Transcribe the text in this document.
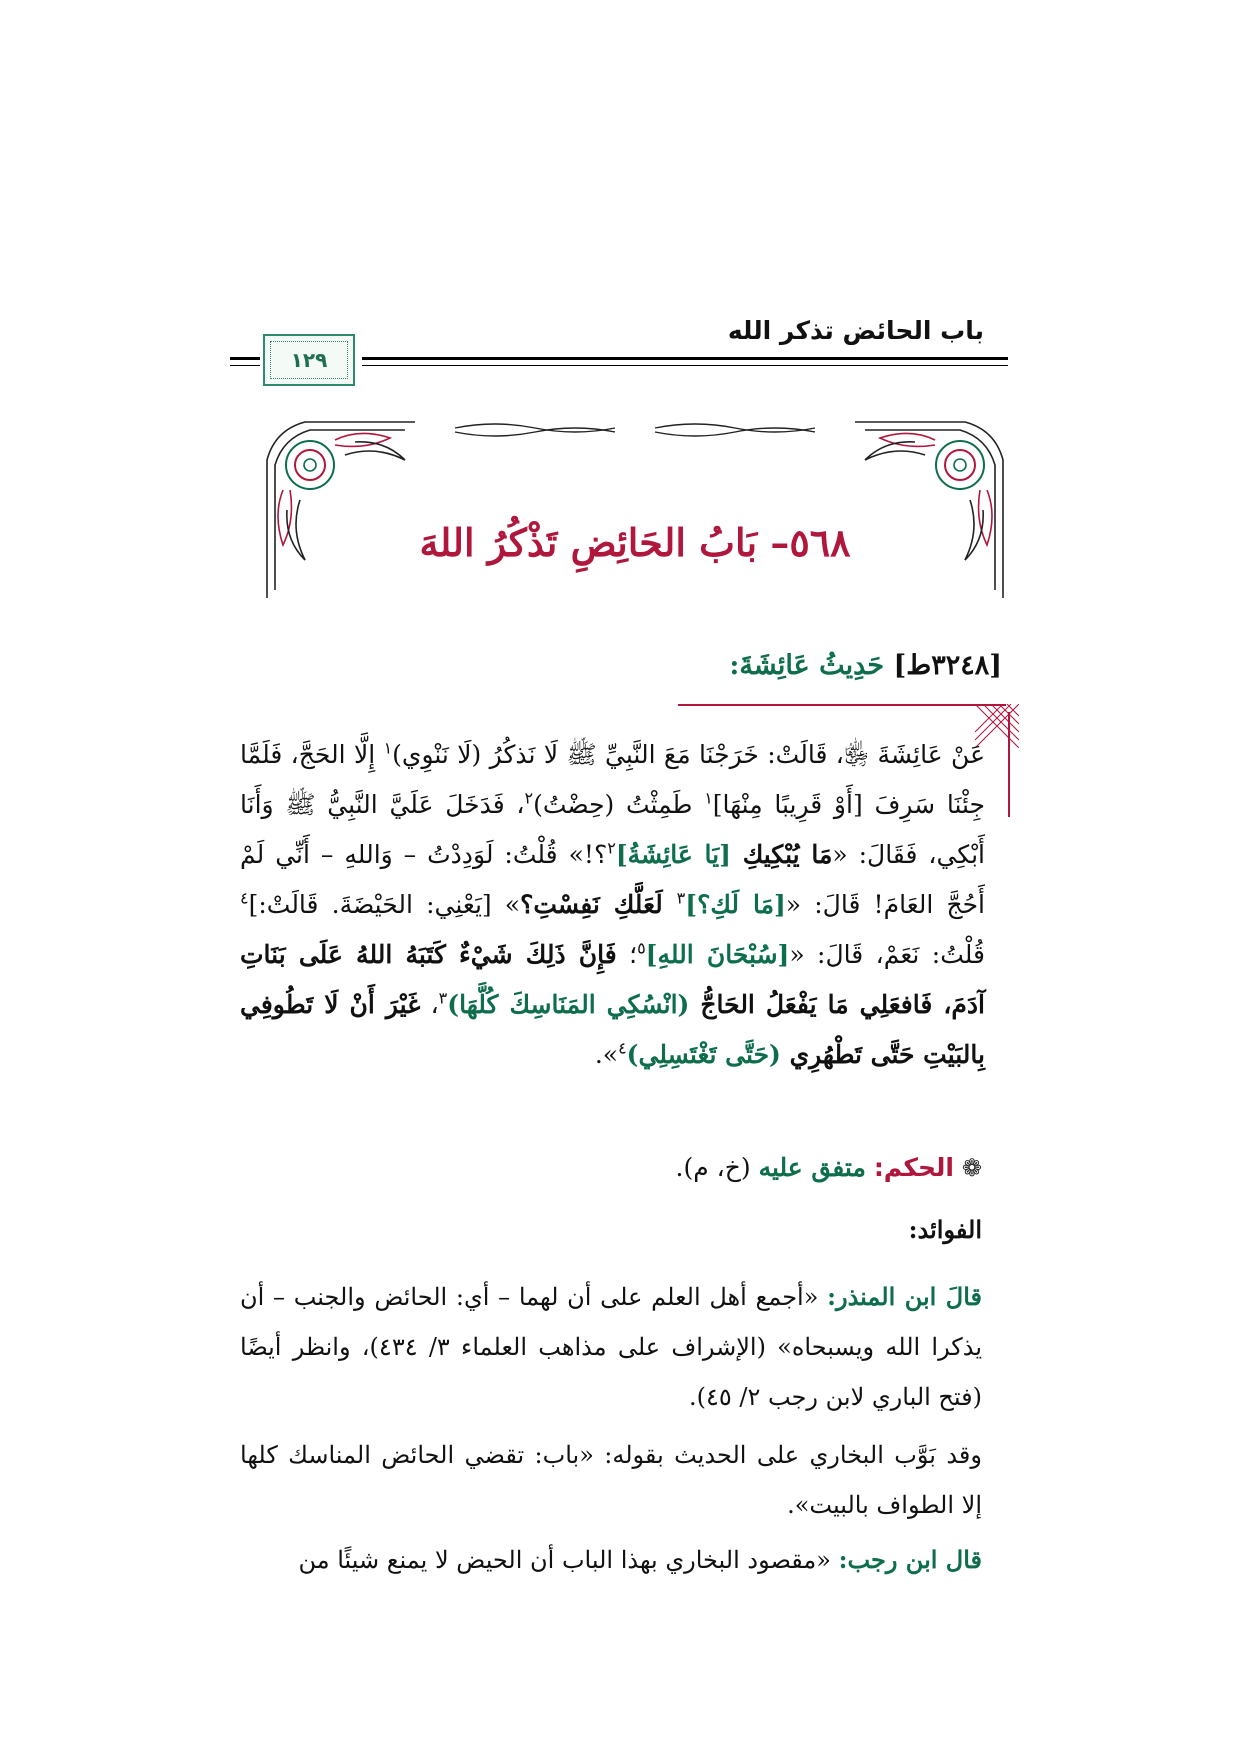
باب الحائض تذكر الله
١٢٩
٥٦٨– بَابُ الحَائِضِ تَذْكُرُ اللهَ
[٣٢٤٨ط] حَدِيثُ عَائِشَةَ:
عَنْ عَائِشَةَ ﵂، قَالَتْ: خَرَجْنَا مَعَ النَّبِيِّ ﷺ لَا نَذكُرُ (لَا نَنْوِي)$^١$ إِلَّا الحَجَّ، فَلَمَّا جِئْنَا سَرِفَ [أَوْ قَرِيبًا مِنْهَا]$^١$ طَمِثْتُ (حِضْتُ)$^٢$، فَدَخَلَ عَلَيَّ النَّبِيُّ ﷺ وَأَنَا أَبْكِي، فَقَالَ: «مَا يُبْكِيكِ [يَا عَائِشَةُ]$^٢$؟!» قُلْتُ: لَوَدِدْتُ – وَاللهِ – أَنِّي لَمْ أَحُجَّ العَامَ! قَالَ: «[مَا لَكِ؟]$^٣$ لَعَلَّكِ نَفِسْتِ؟» [يَعْنِي: الحَيْضَةَ. قَالَتْ:]$^٤$ قُلْتُ: نَعَمْ، قَالَ: «[سُبْحَانَ اللهِ]$^٥$؛ فَإِنَّ ذَلِكَ شَيْءٌ كَتَبَهُ اللهُ عَلَى بَنَاتِ آدَمَ، فَافعَلِي مَا يَفْعَلُ الحَاجُّ (انْسُكِي المَنَاسِكَ كُلَّهَا)$^٣$، غَيْرَ أَنْ لَا تَطُوفِي بِالبَيْتِ حَتَّى تَطْهُرِي (حَتَّى تَغْتَسِلِي)$^٤$».
❁ الحكم: متفق عليه (خ، م).
الفوائد:
قالَ ابن المنذر: «أجمع أهل العلم على أن لهما – أي: الحائض والجنب – أن يذكرا الله ويسبحاه» (الإشراف على مذاهب العلماء ٣/ ٤٣٤)، وانظر أيضًا (فتح الباري لابن رجب ٢/ ٤٥).
وقد بَوَّب البخاري على الحديث بقوله: «باب: تقضي الحائض المناسك كلها إلا الطواف بالبيت».
قال ابن رجب: «مقصود البخاري بهذا الباب أن الحيض لا يمنع شيئًا من
